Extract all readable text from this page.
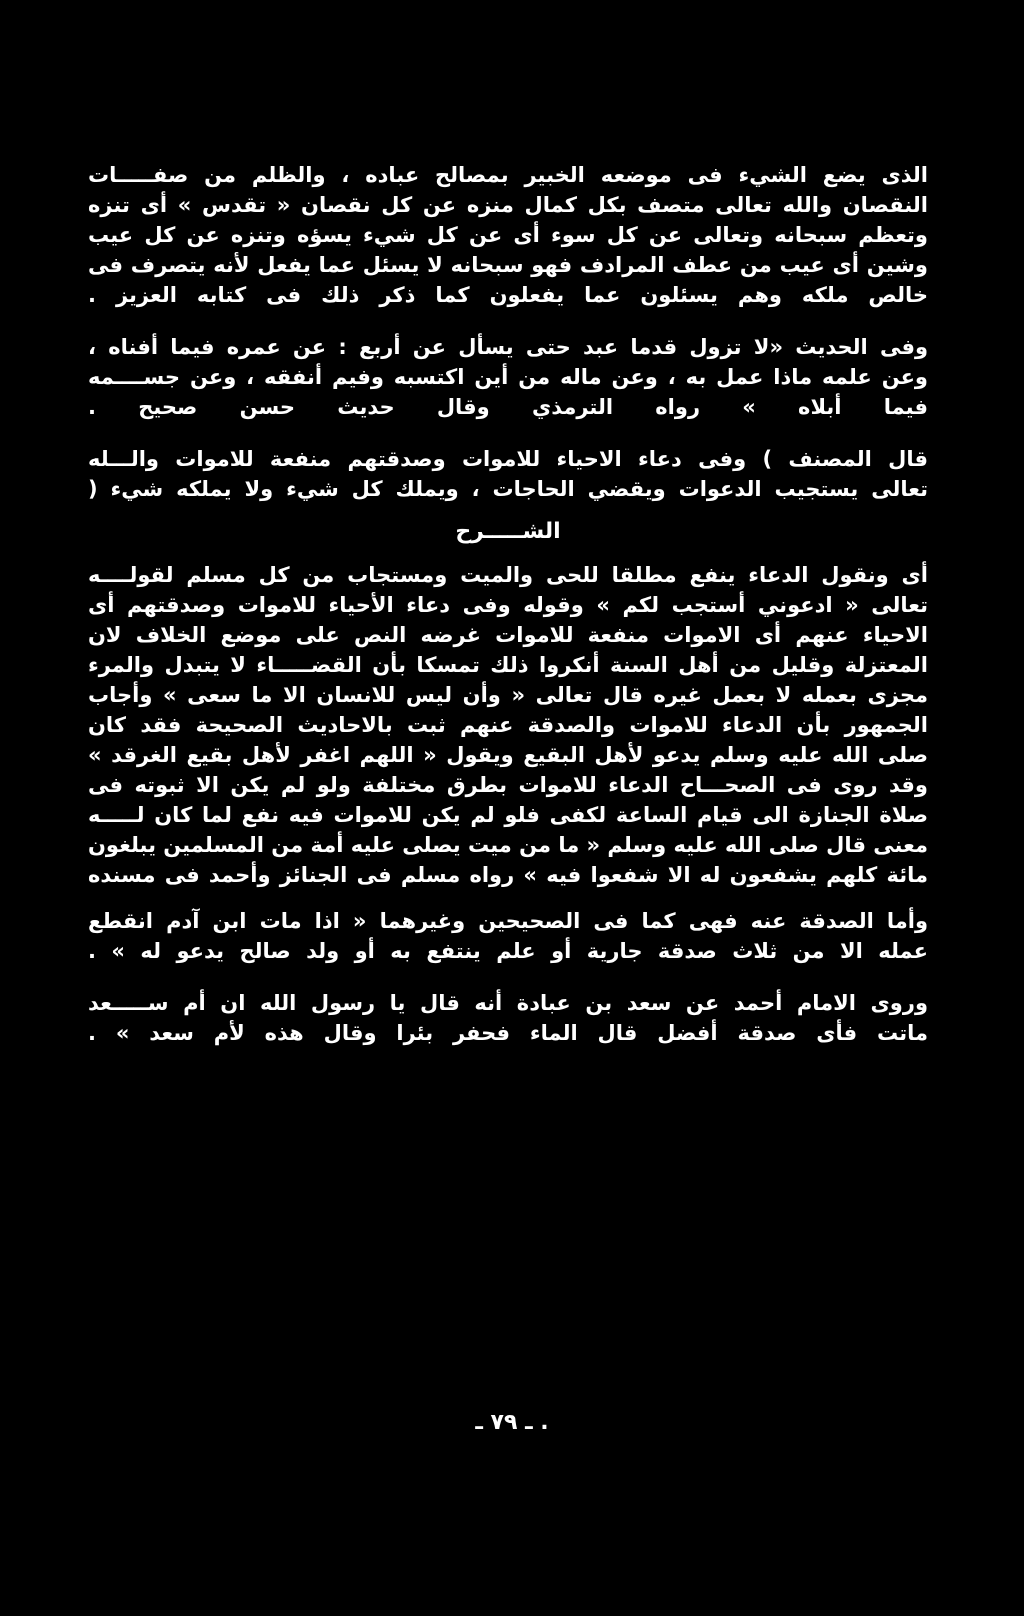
الذى يضع الشيء فى موضعه الخبير بمصالح عباده ، والظلم من صفـــــات
النقصان والله تعالى متصف بكل كمال منزه عن كل نقصان « تقدس » أى تنزه
وتعظم سبحانه وتعالى عن كل سوء أى عن كل شيء يسؤه وتنزه عن كل عيب
وشين أى عيب من عطف المرادف فهو سبحانه لا يسئل عما يفعل لأنه يتصرف فى
خالص ملكه وهم يسئلون عما يفعلون كما ذكر ذلك فى كتابه العزيز .
وفى الحديث «لا تزول قدما عبد حتى يسأل عن أربع : عن عمره فيما أفناه ،
وعن علمه ماذا عمل به ، وعن ماله من أين اكتسبه وفيم أنفقه ، وعن جســــمه
فيما أبلاه » رواه الترمذي وقال حديث حسن صحيح .
قال المصنف ) وفى دعاء الاحياء للاموات وصدقتهم منفعة للاموات والـــله
تعالى يستجيب الدعوات ويقضي الحاجات ، ويملك كل شيء ولا يملكه شيء (
الشـــــرح
أى ونقول الدعاء ينفع مطلقا للحى والميت ومستجاب من كل مسلم لقولــــه
تعالى « ادعوني أستجب لكم » وقوله وفى دعاء الأحياء للاموات وصدقتهم أى
الاحياء عنهم أى الاموات منفعة للاموات غرضه النص على موضع الخلاف لان
المعتزلة وقليل من أهل السنة أنكروا ذلك تمسكا بأن القضـــــاء لا يتبدل والمرء
مجزى بعمله لا بعمل غيره قال تعالى « وأن ليس للانسان الا ما سعى » وأجاب
الجمهور بأن الدعاء للاموات والصدقة عنهم ثبت بالاحاديث الصحيحة فقد كان
صلى الله عليه وسلم يدعو لأهل البقيع ويقول « اللهم اغفر لأهل بقيع الغرقد »
وقد روى فى الصحـــاح الدعاء للاموات بطرق مختلفة ولو لم يكن الا ثبوته فى
صلاة الجنازة الى قيام الساعة لكفى فلو لم يكن للاموات فيه نفع لما كان لـــــه
معنى قال صلى الله عليه وسلم « ما من ميت يصلى عليه أمة من المسلمين يبلغون
مائة كلهم يشفعون له الا شفعوا فيه » رواه مسلم فى الجنائز وأحمد فى مسنده
وأما الصدقة عنه فهى كما فى الصحيحين وغيرهما « اذا مات ابن آدم انقطع
عمله الا من ثلاث صدقة جارية أو علم ينتفع به أو ولد صالح يدعو له » .
وروى الامام أحمد عن سعد بن عبادة أنه قال يا رسول الله ان أم ســـــعد
ماتت فأى صدقة أفضل قال الماء فحفر بئرا وقال هذه لأم سعد » .
ـ ٧٩ ـ .
